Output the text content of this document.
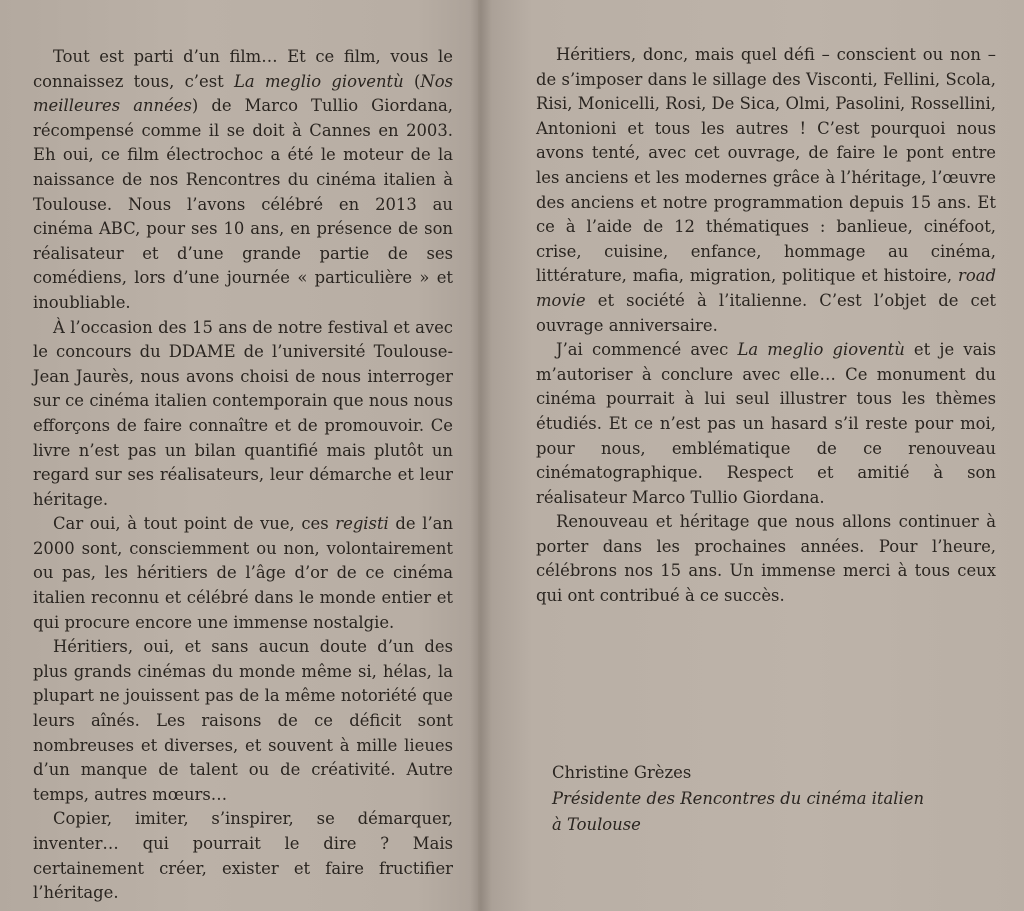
Tout est parti d’un film… Et ce film, vous le connaissez tous, c’est La meglio gioventù (Nos meilleures années) de Marco Tullio Giordana, récompensé comme il se doit à Cannes en 2003. Eh oui, ce film électrochoc a été le moteur de la naissance de nos Rencontres du cinéma italien à Toulouse. Nous l’avons célébré en 2013 au cinéma ABC, pour ses 10 ans, en présence de son réalisateur et d’une grande partie de ses comédiens, lors d’une journée « particulière » et inoubliable.

À l’occasion des 15 ans de notre festival et avec le concours du DDAME de l’université Toulouse-Jean Jaurès, nous avons choisi de nous interroger sur ce cinéma italien contemporain que nous nous efforçons de faire connaître et de promouvoir. Ce livre n’est pas un bilan quantifié mais plutôt un regard sur ses réalisateurs, leur démarche et leur héritage.

Car oui, à tout point de vue, ces registi de l’an 2000 sont, consciemment ou non, volontairement ou pas, les héritiers de l’âge d’or de ce cinéma italien reconnu et célébré dans le monde entier et qui procure encore une immense nostalgie.

Héritiers, oui, et sans aucun doute d’un des plus grands cinémas du monde même si, hélas, la plupart ne jouissent pas de la même notoriété que leurs aînés. Les raisons de ce déficit sont nombreuses et diverses, et souvent à mille lieues d’un manque de talent ou de créativité. Autre temps, autres mœurs…

Copier, imiter, s’inspirer, se démarquer, inventer… qui pourrait le dire ? Mais certainement créer, exister et faire fructifier l’héritage.

Héritiers, donc, mais quel défi – conscient ou non – de s’imposer dans le sillage des Visconti, Fellini, Scola, Risi, Monicelli, Rosi, De Sica, Olmi, Pasolini, Rossellini, Antonioni et tous les autres ! C’est pourquoi nous avons tenté, avec cet ouvrage, de faire le pont entre les anciens et les modernes grâce à l’héritage, l’œuvre des anciens et notre programmation depuis 15 ans. Et ce à l’aide de 12 thématiques : banlieue, cinéfoot, crise, cuisine, enfance, hommage au cinéma, littérature, mafia, migration, politique et histoire, road movie et société à l’italienne. C’est l’objet de cet ouvrage anniversaire.

J’ai commencé avec La meglio gioventù et je vais m’autoriser à conclure avec elle… Ce monument du cinéma pourrait à lui seul illustrer tous les thèmes étudiés. Et ce n’est pas un hasard s’il reste pour moi, pour nous, emblématique de ce renouveau cinématographique. Respect et amitié à son réalisateur Marco Tullio Giordana.

Renouveau et héritage que nous allons continuer à porter dans les prochaines années. Pour l’heure, célébrons nos 15 ans. Un immense merci à tous ceux qui ont contribué à ce succès.

Christine Grèzes
Présidente des Rencontres du cinéma italien
à Toulouse
